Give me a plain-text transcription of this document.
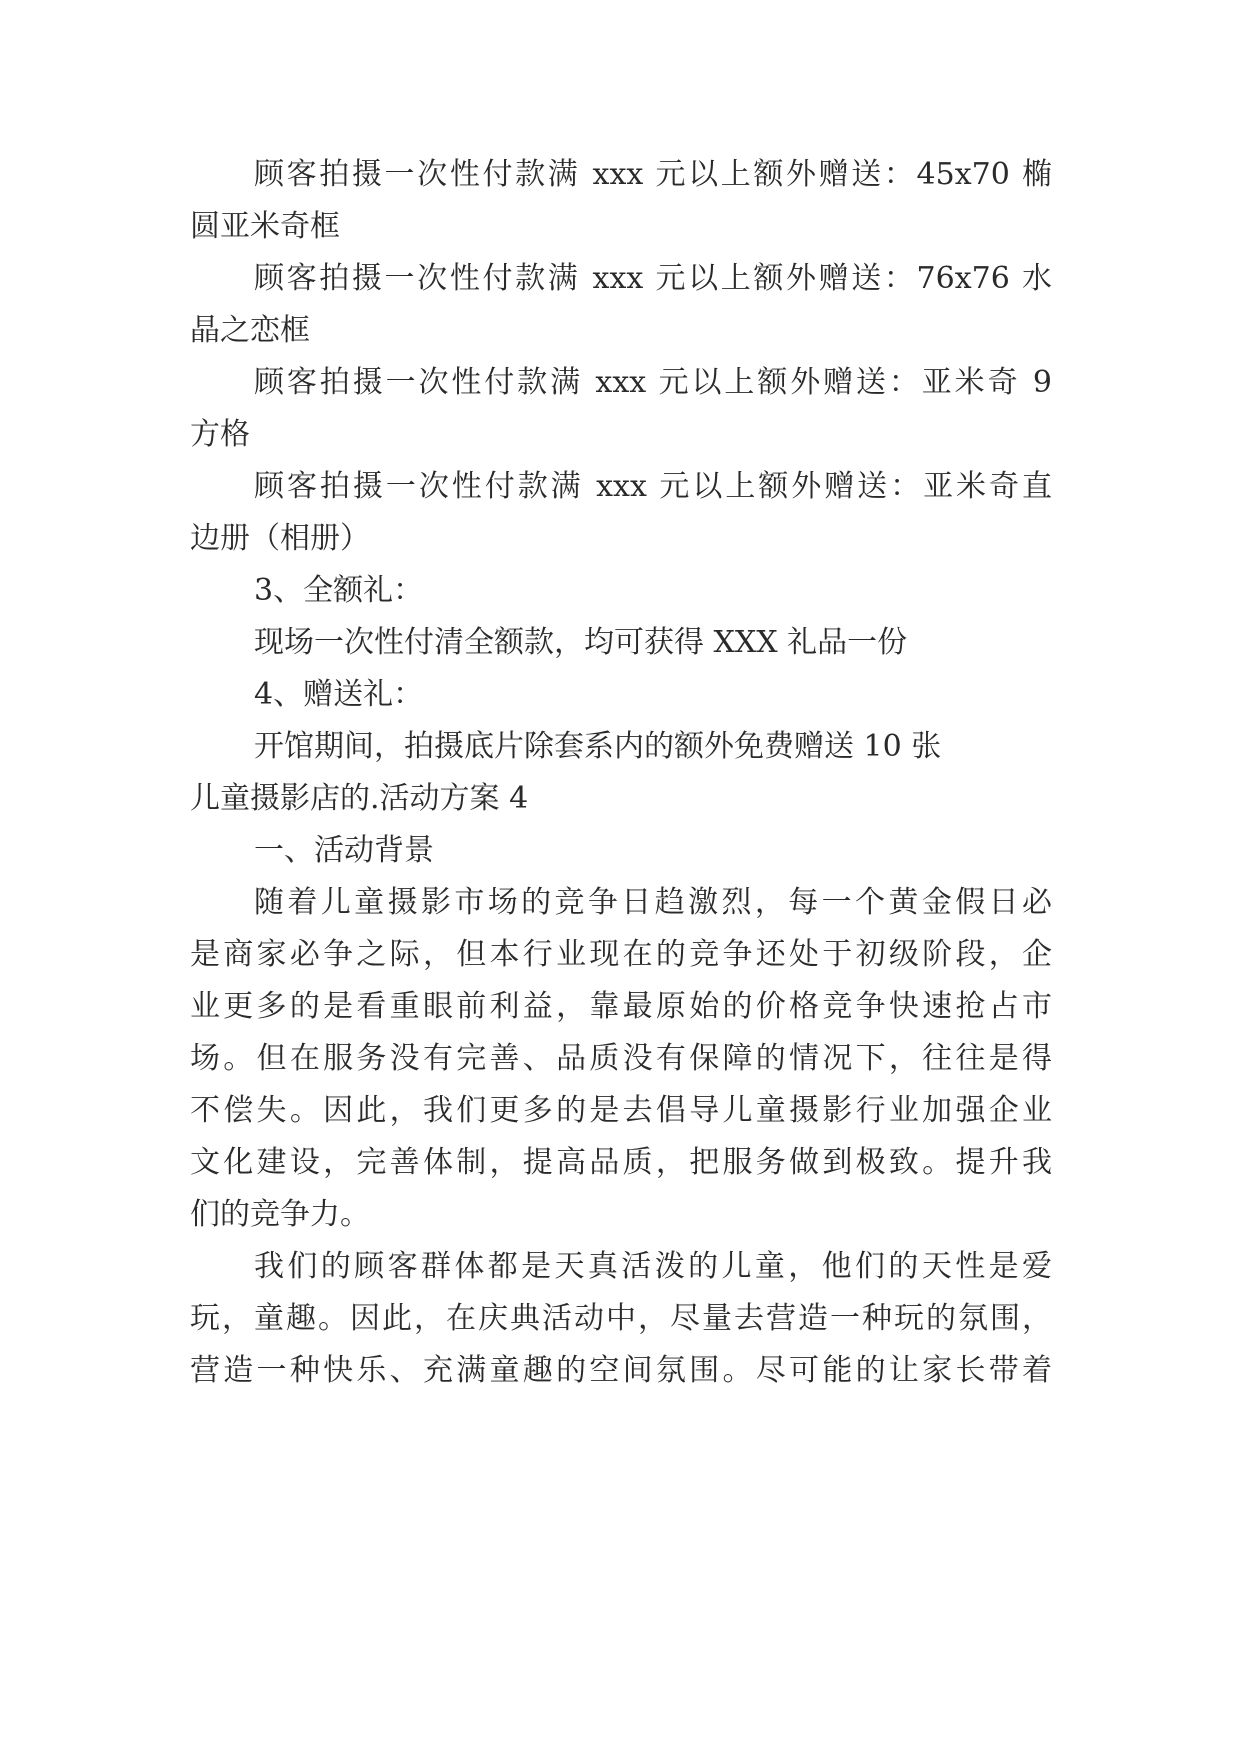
顾客拍摄一次性付款满 xxx 元以上额外赠送：45x70 椭
圆亚米奇框
顾客拍摄一次性付款满 xxx 元以上额外赠送：76x76 水
晶之恋框
顾客拍摄一次性付款满 xxx 元以上额外赠送：亚米奇 9
方格
顾客拍摄一次性付款满 xxx 元以上额外赠送：亚米奇直
边册（相册）
3、全额礼：
现场一次性付清全额款，均可获得 XXX 礼品一份
4、赠送礼：
开馆期间，拍摄底片除套系内的额外免费赠送 10 张
儿童摄影店的.活动方案 4
一、活动背景
随着儿童摄影市场的竞争日趋激烈，每一个黄金假日必
是商家必争之际，但本行业现在的竞争还处于初级阶段，企
业更多的是看重眼前利益，靠最原始的价格竞争快速抢占市
场。但在服务没有完善、品质没有保障的情况下，往往是得
不偿失。因此，我们更多的是去倡导儿童摄影行业加强企业
文化建设，完善体制，提高品质，把服务做到极致。提升我
们的竞争力。
我们的顾客群体都是天真活泼的儿童，他们的天性是爱
玩，童趣。因此，在庆典活动中，尽量去营造一种玩的氛围，
营造一种快乐、充满童趣的空间氛围。尽可能的让家长带着
